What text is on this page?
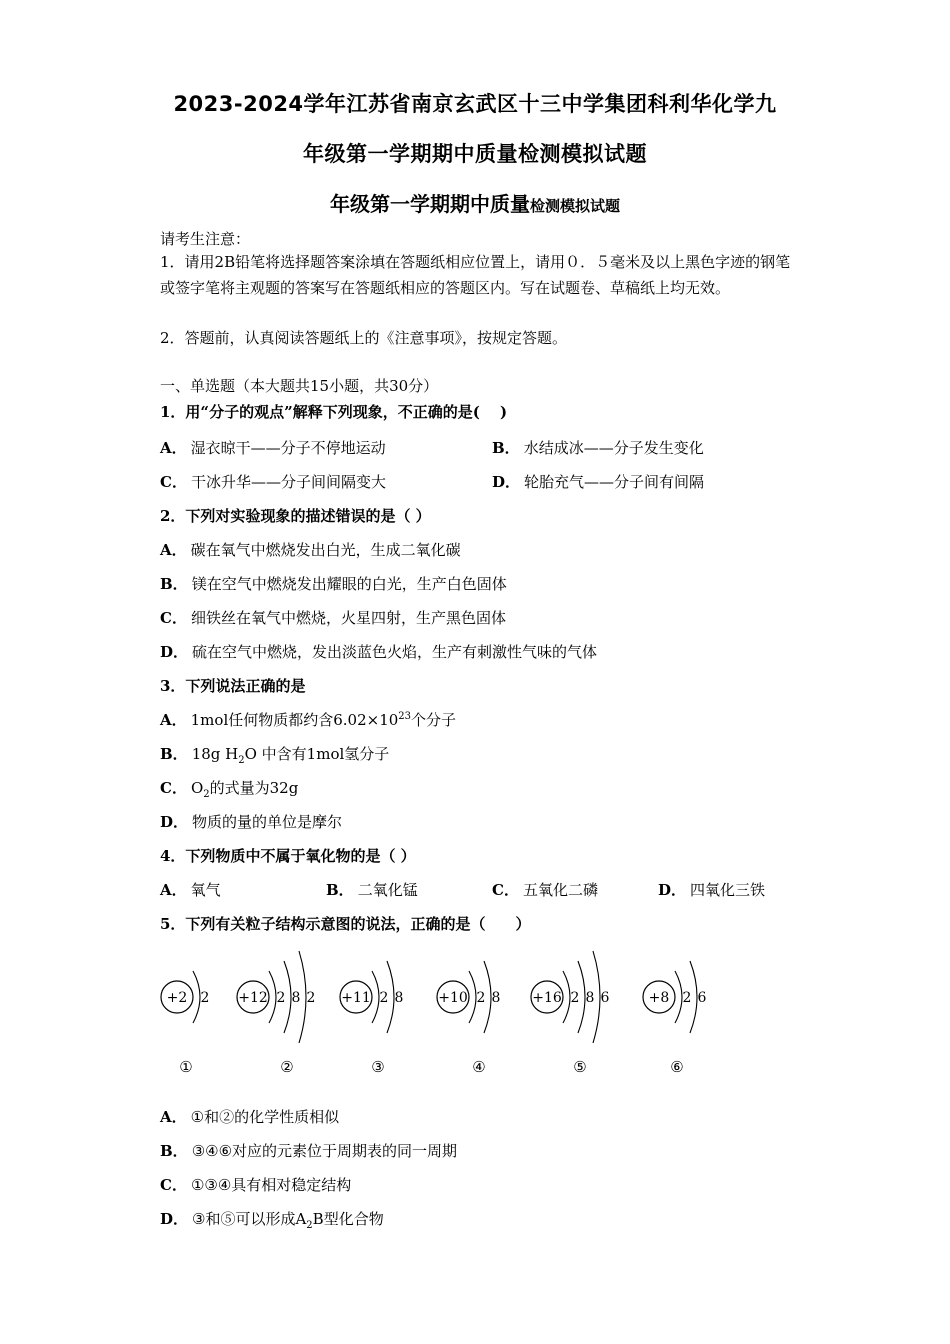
2023-2024学年江苏省南京玄武区十三中学集团科利华化学九
年级第一学期期中质量检测模拟试题
年级第一学期期中质量检测模拟试题
请考生注意：
1．请用2B铅笔将选择题答案涂填在答题纸相应位置上，请用０．５毫米及以上黑色字迹的钢笔或签字笔将主观题的答案写在答题纸相应的答题区内。写在试题卷、草稿纸上均无效。
2．答题前，认真阅读答题纸上的《注意事项》，按规定答题。
一、单选题（本大题共15小题，共30分）
1．用“分子的观点”解释下列现象，不正确的是(　 )
A． 湿衣晾干——分子不停地运动	B． 水结成冰——分子发生变化
C． 干冰升华——分子间间隔变大	D． 轮胎充气——分子间有间隔
2．下列对实验现象的描述错误的是（ ）
A． 碳在氧气中燃烧发出白光，生成二氧化碳
B． 镁在空气中燃烧发出耀眼的白光，生产白色固体
C． 细铁丝在氧气中燃烧，火星四射，生产黑色固体
D． 硫在空气中燃烧，发出淡蓝色火焰，生产有刺激性气味的气体
3．下列说法正确的是
A． 1mol任何物质都约含$6.02\times 10^{23}$个分子
B． 18g $H_2O$ 中含有1mol氢分子
C． $O_2$的式量为32g
D． 物质的量的单位是摩尔
4．下列物质中不属于氧化物的是（ ）
A． 氧气	B． 二氧化锰	C． 五氧化二磷	D． 四氧化三铁
5．下列有关粒子结构示意图的说法，正确的是（　　）
+2 2
①
+12 2 8 2
②
+11 2 8
③
+10 2 8
④
+16 2 8 6
⑤
+8 2 6
⑥
A． ①和②的化学性质相似
B． ③④⑥对应的元素位于周期表的同一周期
C． ①③④具有相对稳定结构
D． ③和⑤可以形成$A_2B$型化合物
